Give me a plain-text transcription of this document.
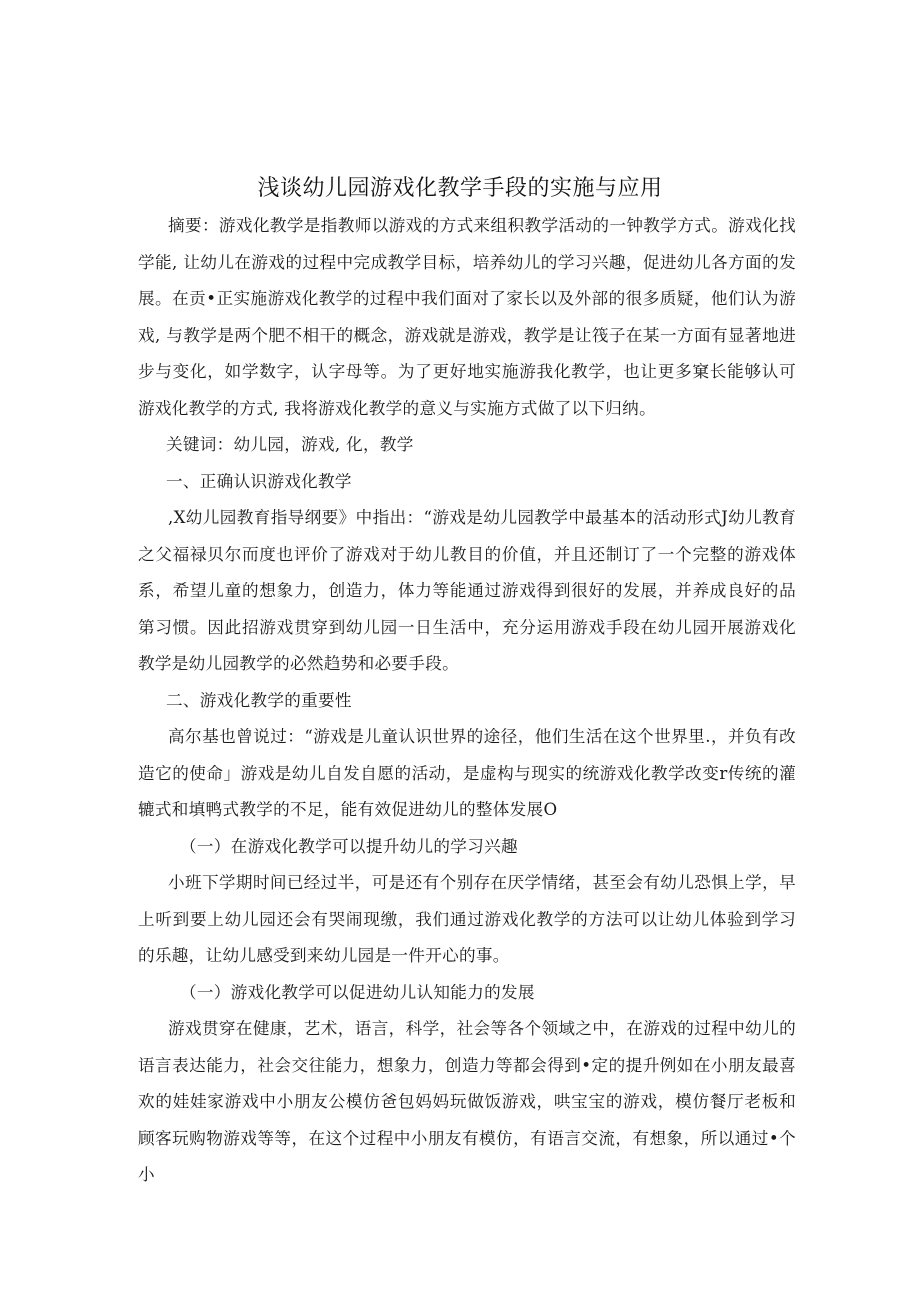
浅谈幼儿园游戏化教学手段的实施与应用

摘要：游戏化教学是指教师以游戏的方式来组积教学活动的一钟教学方式。游戏化找学能, 让幼儿在游戏的过程中完成教学目标，培养幼儿的学习兴趣，促进幼儿各方面的发展。在贡•正实施游戏化教学的过程中我们面对了家长以及外部的很多质疑，他们认为游戏, 与教学是两个肥不相干的概念，游戏就是游戏，教学是让筏子在某一方面有显著地进步与变化，如学数字，认字母等。为了更好地实施游我化教学，也让更多窠长能够认可游戏化教学的方式, 我将游戏化教学的意义与实施方式做了以下归纳。

关键词：幼儿园，游戏, 化，教学

一、正确认识游戏化教学

,X幼儿园教育指导纲要》中指出：“游戏是幼儿园教学中最基本的活动形式J幼儿教育之父福禄贝尔而度也评价了游戏对于幼儿教目的价值，并且还制订了一个完整的游戏体系，希望儿童的想象力，创造力，体力等能通过游戏得到很好的发展，并养成良好的品第习惯。因此招游戏贯穿到幼儿园一日生活中，充分运用游戏手段在幼儿园开展游戏化教学是幼儿园教学的必然趋势和必要手段。

二、游戏化教学的重要性

高尔基也曾说过：“游戏是儿童认识世界的途径，他们生活在这个世界里.，并负有改造它的使命」游戏是幼儿自发自愿的活动，是虚构与现实的统游戏化教学改变r传统的灌辘式和填鸭式教学的不足，能有效促进幼儿的整体发展O

（一）在游戏化教学可以提升幼儿的学习兴趣

小班下学期时间已经过半，可是还有个别存在厌学情绪，甚至会有幼儿恐惧上学，早上听到要上幼儿园还会有哭闹现缴，我们通过游戏化教学的方法可以让幼儿体验到学习的乐趣，让幼儿感受到来幼儿园是一件开心的事。

（一）游戏化教学可以促进幼儿认知能力的发展

游戏贯穿在健康，艺术，语言，科学，社会等各个领域之中，在游戏的过程中幼儿的语言表达能力，社会交往能力，想象力，创造力等都会得到•定的提升例如在小朋友最喜欢的娃娃家游戏中小朋友公模仿爸包妈妈玩做饭游戏，哄宝宝的游戏，模仿餐厅老板和顾客玩购物游戏等等，在这个过程中小朋友有模仿，有语言交流，有想象，所以通过•个小
